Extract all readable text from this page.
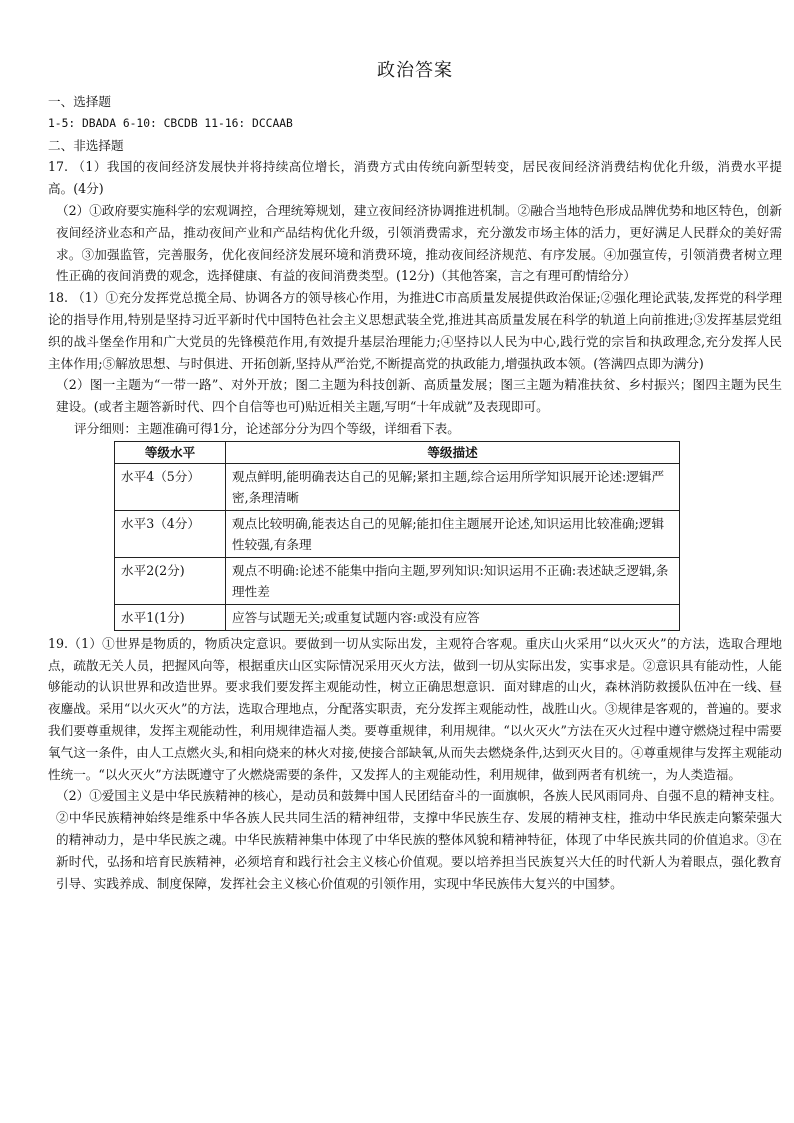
政治答案

一、选择题

1-5: DBADA 6-10: CBCDB 11-16: DCCAAB

二、非选择题

17. （1）我国的夜间经济发展快并将持续高位增长，消费方式由传统向新型转变，居民夜间经济消费结构优化升级，消费水平提高。(4分)

（2）①政府要实施科学的宏观调控，合理统筹规划，建立夜间经济协调推进机制。②融合当地特色形成品牌优势和地区特色，创新夜间经济业态和产品，推动夜间产业和产品结构优化升级，引领消费需求，充分激发市场主体的活力，更好满足人民群众的美好需求。③加强监管，完善服务，优化夜间经济发展环境和消费环境，推动夜间经济规范、有序发展。④加强宣传，引领消费者树立理性正确的夜间消费的观念，选择健康、有益的夜间消费类型。(12分)（其他答案，言之有理可酌情给分）

18. （1）①充分发挥党总揽全局、协调各方的领导核心作用，为推进C市高质量发展提供政治保证;②强化理论武装,发挥党的科学理论的指导作用,特别是坚持习近平新时代中国特色社会主义思想武装全党,推进其高质量发展在科学的轨道上向前推进;③发挥基层党组织的战斗堡垒作用和广大党员的先锋模范作用,有效提升基层治理能力;④坚持以人民为中心,践行党的宗旨和执政理念,充分发挥人民主体作用;⑤解放思想、与时俱进、开拓创新,坚持从严治党,不断提高党的执政能力,增强执政本领。(答满四点即为满分)

（2）图一主题为“一带一路”、对外开放；图二主题为科技创新、高质量发展；图三主题为精准扶贫、乡村振兴；图四主题为民生建设。(或者主题答新时代、四个自信等也可)贴近相关主题,写明“十年成就”及表现即可。

评分细则：主题准确可得1分，论述部分分为四个等级，详细看下表。

等级水平	等级描述
水平4（5分）	观点鲜明,能明确表达自己的见解;紧扣主题,综合运用所学知识展开论述:逻辑严密,条理清晰
水平3（4分）	观点比较明确,能表达自己的见解;能扣住主题展开论述,知识运用比较准确;逻辑性较强,有条理
水平2(2分)	观点不明确:论述不能集中指向主题,罗列知识:知识运用不正确:表述缺乏逻辑,条理性差
水平1(1分)	应答与试题无关;或重复试题内容:或没有应答

19.（1）①世界是物质的，物质决定意识。要做到一切从实际出发，主观符合客观。重庆山火采用“以火灭火”的方法，选取合理地点，疏散无关人员，把握风向等，根据重庆山区实际情况采用灭火方法，做到一切从实际出发，实事求是。②意识具有能动性，人能够能动的认识世界和改造世界。要求我们要发挥主观能动性，树立正确思想意识．面对肆虐的山火，森林消防救援队伍冲在一线、昼夜鏖战。采用“以火灭火”的方法，选取合理地点，分配落实职责，充分发挥主观能动性，战胜山火。③规律是客观的，普遍的。要求我们要尊重规律，发挥主观能动性，利用规律造福人类。要尊重规律，利用规律。“以火灭火”方法在灭火过程中遵守燃烧过程中需要氧气这一条件，由人工点燃火头,和相向烧来的林火对接,使接合部缺氧,从而失去燃烧条件,达到灭火目的。④尊重规律与发挥主观能动性统一。“以火灭火”方法既遵守了火燃烧需要的条件，又发挥人的主观能动性，利用规律，做到两者有机统一，为人类造福。

（2）①爱国主义是中华民族精神的核心，是动员和鼓舞中国人民团结奋斗的一面旗帜，各族人民风雨同舟、自强不息的精神支柱。②中华民族精神始终是维系中华各族人民共同生活的精神纽带，支撑中华民族生存、发展的精神支柱，推动中华民族走向繁荣强大的精神动力，是中华民族之魂。中华民族精神集中体现了中华民族的整体风貌和精神特征，体现了中华民族共同的价值追求。③在新时代，弘扬和培育民族精神，必须培育和践行社会主义核心价值观。要以培养担当民族复兴大任的时代新人为着眼点，强化教育引导、实践养成、制度保障，发挥社会主义核心价值观的引领作用，实现中华民族伟大复兴的中国梦。
